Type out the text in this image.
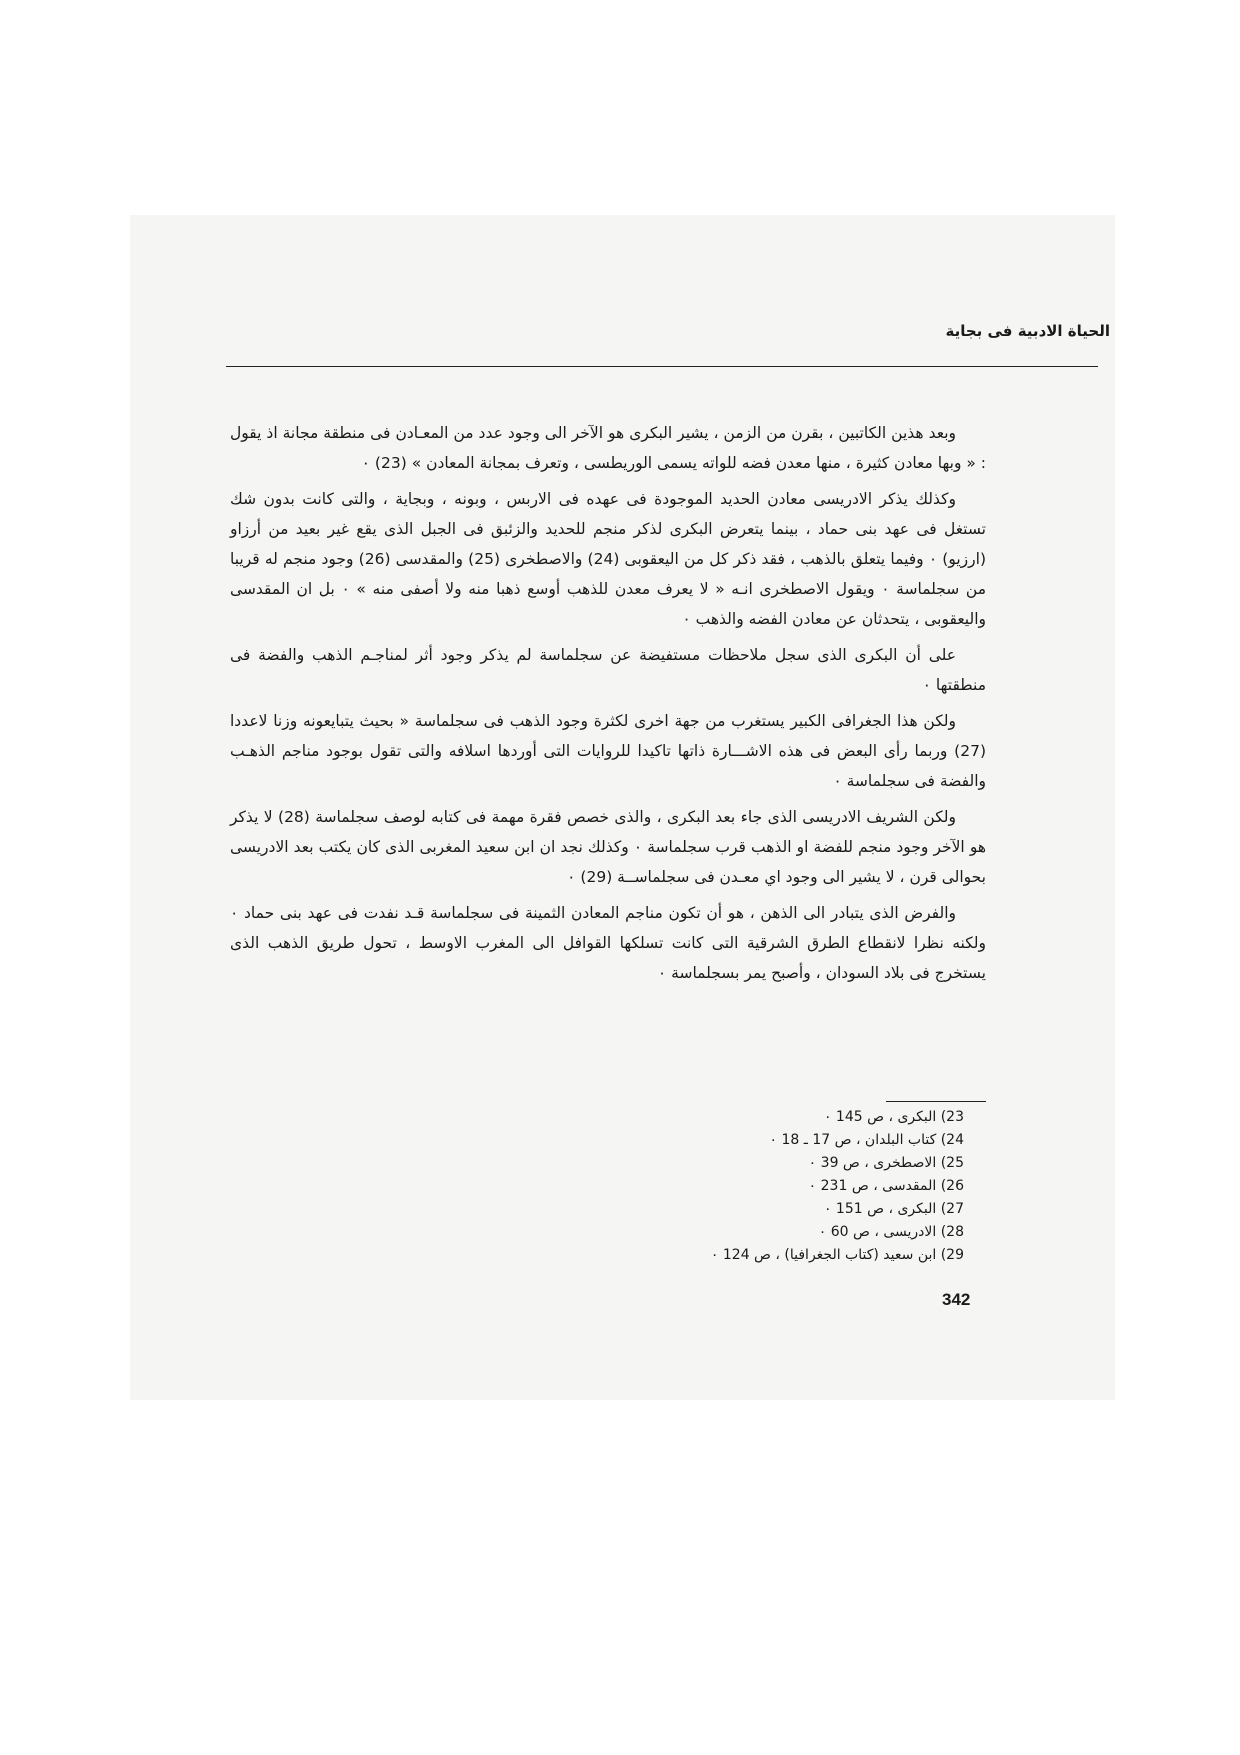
الحياة الادبية فى بجاية

وبعد هذين الكاتبين ، بقرن من الزمن ، يشير البكرى هو الآخر الى وجود عدد من المعـادن فى منطقة مجانة اذ يقول : « وبها معادن كثيرة ، منها معدن فضه للواته يسمى الوريطسى ، وتعرف بمجانة المعادن » (23) ٠

وكذلك يذكر الادريسى معادن الحديد الموجودة فى عهده فى الاربس ، وبونه ، وبجاية ، والتى كانت بدون شك تستغل فى عهد بنى حماد ، بينما يتعرض البكرى لذكر منجم للحديد والزئبق فى الجبل الذى يقع غير بعيد من أرزاو (ارزيو) ٠ وفيما يتعلق بالذهب ، فقد ذكر كل من اليعقوبى (24) والاصطخرى (25) والمقدسى (26) وجود منجم له قريبا من سجلماسة ٠ ويقول الاصطخرى انـه « لا يعرف معدن للذهب أوسع ذهبا منه ولا أصفى منه » ٠ بل ان المقدسى واليعقوبى ، يتحدثان عن معادن الفضه والذهب ٠

على أن البكرى الذى سجل ملاحظات مستفيضة عن سجلماسة لم يذكر وجود أثر لمناجـم الذهب والفضة فى منطقتها ٠

ولكن هذا الجغرافى الكبير يستغرب من جهة اخرى لكثرة وجود الذهب فى سجلماسة « بحيث يتبايعونه وزنا لاعددا (27) وربما رأى البعض فى هذه الاشـــارة ذاتها تاكيدا للروايات التى أوردها اسلافه والتى تقول بوجود مناجم الذهـب والفضة فى سجلماسة ٠

ولكن الشريف الادريسى الذى جاء بعد البكرى ، والذى خصص فقرة مهمة فى كتابه لوصف سجلماسة (28) لا يذكر هو الآخر وجود منجم للفضة او الذهب قرب سجلماسة ٠ وكذلك نجد ان ابن سعيد المغربى الذى كان يكتب بعد الادريسى بحوالى قرن ، لا يشير الى وجود اي معـدن فى سجلماســة (29) ٠

والفرض الذى يتبادر الى الذهن ، هو أن تكون مناجم المعادن الثمينة فى سجلماسة قـد نفدت فى عهد بنى حماد ٠ ولكنه نظرا لانقطاع الطرق الشرقية التى كانت تسلكها القوافل الى المغرب الاوسط ، تحول طريق الذهب الذى يستخرج فى بلاد السودان ، وأصبح يمر بسجلماسة ٠

23) البكرى ، ص 145 ٠
24) كتاب البلدان ، ص 17 ـ 18 ٠
25) الاصطخرى ، ص 39 ٠
26) المقدسى ، ص 231 ٠
27) البكرى ، ص 151 ٠
28) الادريسى ، ص 60 ٠
29) ابن سعيد (كتاب الجغرافيا) ، ص 124 ٠
342
